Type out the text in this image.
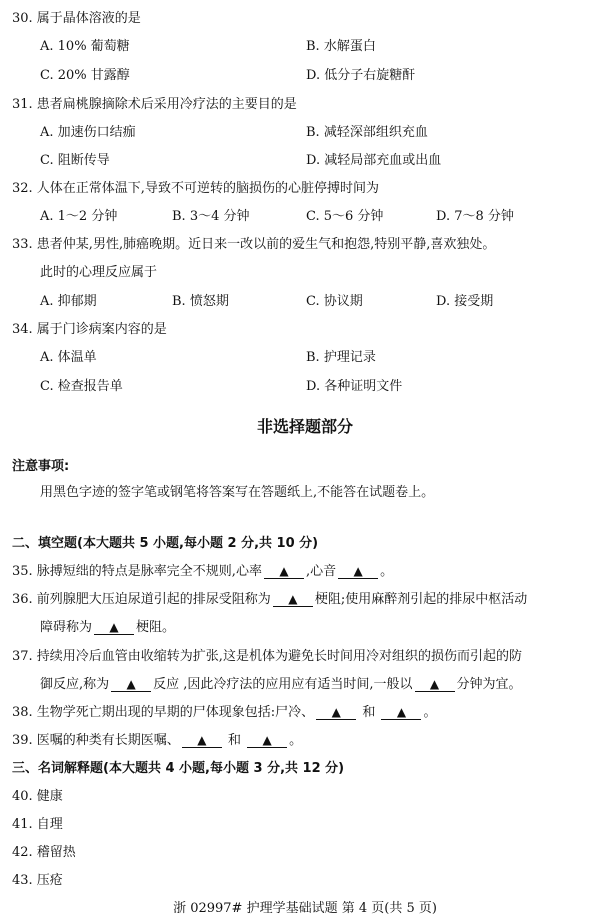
30. 属于晶体溶液的是
A. 10% 葡萄糖	B. 水解蛋白
C. 20% 甘露醇	D. 低分子右旋糖酐
31. 患者扁桃腺摘除术后采用冷疗法的主要目的是
A. 加速伤口结痂	B. 减轻深部组织充血
C. 阻断传导	D. 减轻局部充血或出血
32. 人体在正常体温下,导致不可逆转的脑损伤的心脏停搏时间为
A. 1～2 分钟	B. 3～4 分钟	C. 5～6 分钟	D. 7～8 分钟
33. 患者仲某,男性,肺癌晚期。近日来一改以前的爱生气和抱怨,特别平静,喜欢独处。
此时的心理反应属于
A. 抑郁期	B. 愤怒期	C. 协议期	D. 接受期
34. 属于门诊病案内容的是
A. 体温单	B. 护理记录
C. 检查报告单	D. 各种证明文件
非选择题部分
注意事项:
用黑色字迹的签字笔或钢笔将答案写在答题纸上,不能答在试题卷上。
二、填空题(本大题共 5 小题,每小题 2 分,共 10 分)
35. 脉搏短绌的特点是脉率完全不规则,心率 ▲ ,心音 ▲ 。
36. 前列腺肥大压迫尿道引起的排尿受阻称为 ▲ 梗阻;使用麻醉剂引起的排尿中枢活动
障碍称为 ▲ 梗阻。
37. 持续用冷后血管由收缩转为扩张,这是机体为避免长时间用冷对组织的损伤而引起的防
御反应,称为 ▲ 反应 ,因此冷疗法的应用应有适当时间,一般以 ▲ 分钟为宜。
38. 生物学死亡期出现的早期的尸体现象包括:尸冷、 ▲ 和 ▲ 。
39. 医嘱的种类有长期医嘱、 ▲ 和 ▲ 。
三、名词解释题(本大题共 4 小题,每小题 3 分,共 12 分)
40. 健康
41. 自理
42. 稽留热
43. 压疮
浙 02997# 护理学基础试题 第 4 页(共 5 页)
